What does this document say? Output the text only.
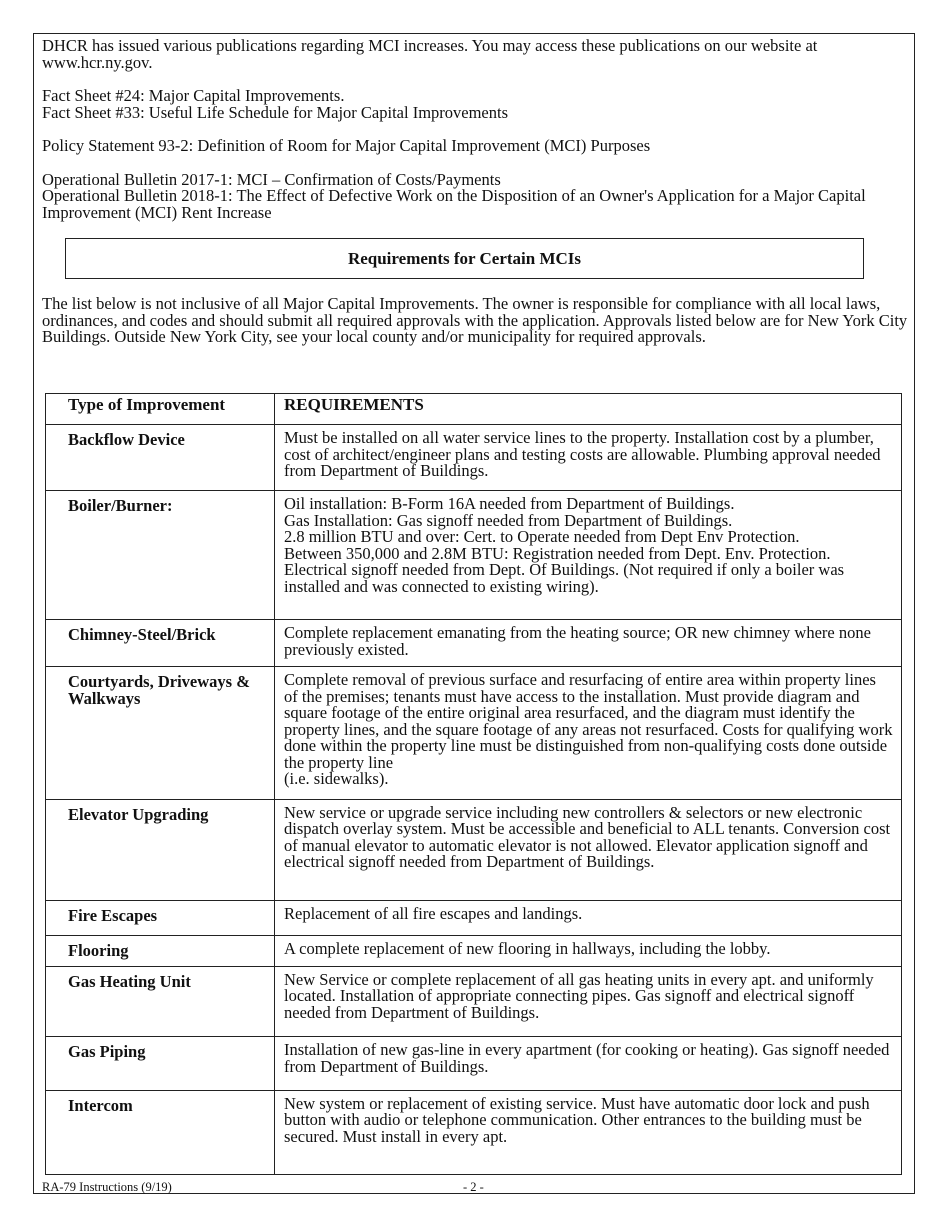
DHCR has issued various publications regarding MCI increases. You may access these publications on our website at www.hcr.ny.gov.

Fact Sheet #24: Major Capital Improvements.

Fact Sheet #33: Useful Life Schedule for Major Capital Improvements

Policy Statement 93-2: Definition of Room for Major Capital Improvement (MCI) Purposes

Operational Bulletin 2017-1: MCI – Confirmation of Costs/Payments

Operational Bulletin 2018-1: The Effect of Defective Work on the Disposition of an Owner's Application for a Major Capital Improvement (MCI) Rent Increase

Requirements for Certain MCIs

The list below is not inclusive of all Major Capital Improvements. The owner is responsible for compliance with all local laws, ordinances, and codes and should submit all required approvals with the application. Approvals listed below are for New York City Buildings. Outside New York City, see your local county and/or municipality for required approvals.

Type of Improvement	REQUIREMENTS
Backflow Device	Must be installed on all water service lines to the property. Installation cost by a plumber, cost of architect/engineer plans and testing costs are allowable. Plumbing approval needed from Department of Buildings.
Boiler/Burner:	Oil installation: B-Form 16A needed from Department of Buildings.
Gas Installation: Gas signoff needed from Department of Buildings.
2.8 million BTU and over: Cert. to Operate needed from Dept Env Protection.
Between 350,000 and 2.8M BTU: Registration needed from Dept. Env. Protection.
Electrical signoff needed from Dept. Of Buildings. (Not required if only a boiler was installed and was connected to existing wiring).
Chimney-Steel/Brick	Complete replacement emanating from the heating source; OR new chimney where none previously existed.
Courtyards, Driveways & Walkways	Complete removal of previous surface and resurfacing of entire area within property lines of the premises; tenants must have access to the installation. Must provide diagram and square footage of the entire original area resurfaced, and the diagram must identify the property lines, and the square footage of any areas not resurfaced. Costs for qualifying work done within the property line must be distinguished from non-qualifying costs done outside the property line
(i.e. sidewalks).
Elevator Upgrading	New service or upgrade service including new controllers & selectors or new electronic dispatch overlay system. Must be accessible and beneficial to ALL tenants. Conversion cost of manual elevator to automatic elevator is not allowed. Elevator application signoff and electrical signoff needed from Department of Buildings.
Fire Escapes	Replacement of all fire escapes and landings.
Flooring	A complete replacement of new flooring in hallways, including the lobby.
Gas Heating Unit	New Service or complete replacement of all gas heating units in every apt. and uniformly located. Installation of appropriate connecting pipes. Gas signoff and electrical signoff needed from Department of Buildings.
Gas Piping	Installation of new gas-line in every apartment (for cooking or heating). Gas signoff needed from Department of Buildings.
Intercom	New system or replacement of existing service. Must have automatic door lock and push button with audio or telephone communication. Other entrances to the building must be secured. Must install in every apt.
RA-79 Instructions (9/19)	- 2 -
